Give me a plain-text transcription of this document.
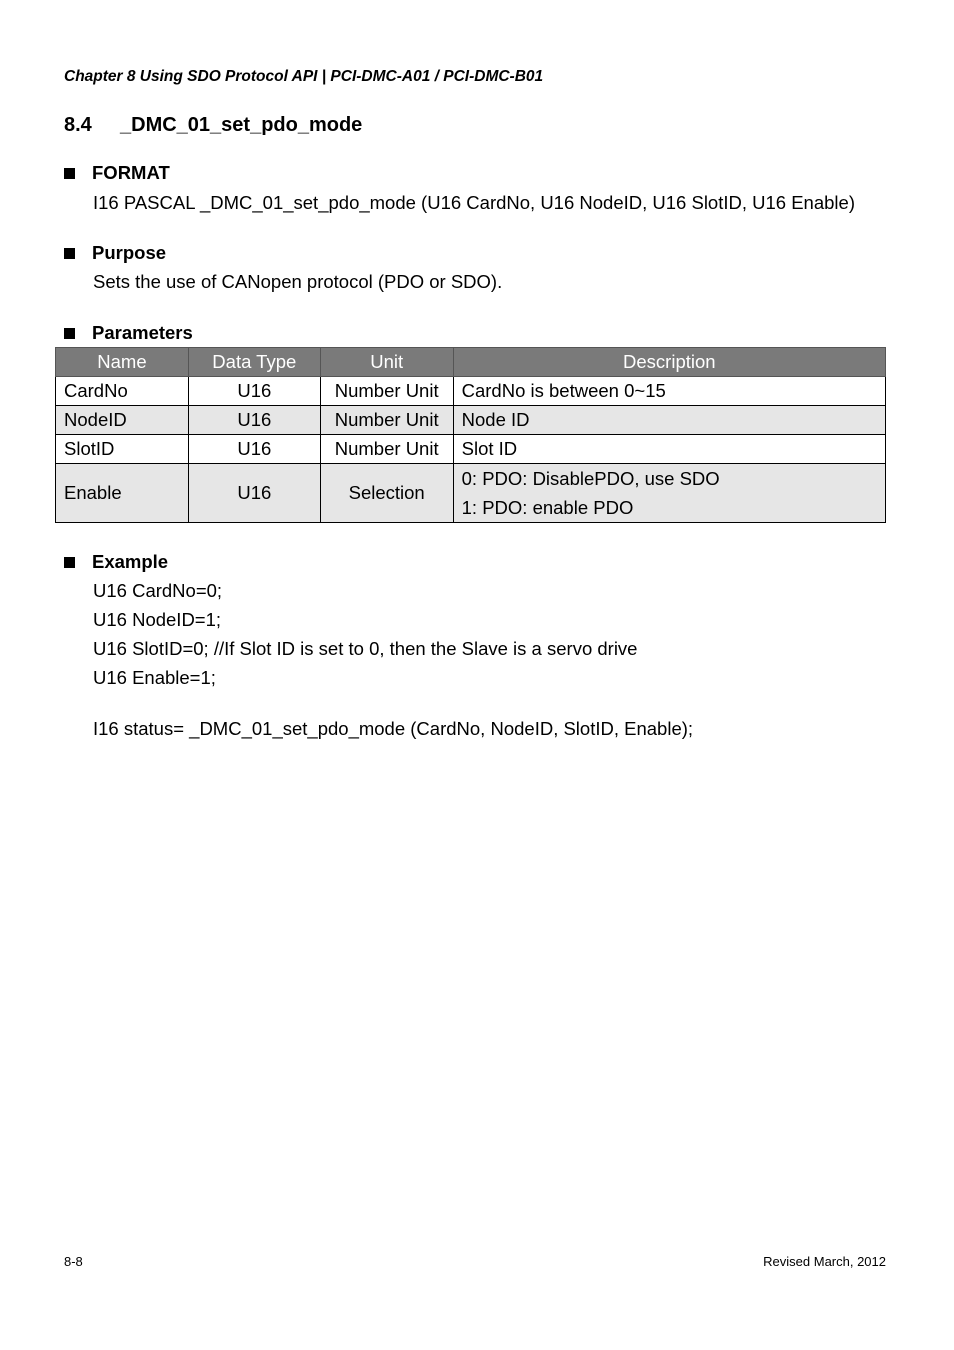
Chapter 8 Using SDO Protocol API | PCI-DMC-A01 / PCI-DMC-B01
8.4 _DMC_01_set_pdo_mode
FORMAT
I16 PASCAL _DMC_01_set_pdo_mode (U16 CardNo, U16 NodeID, U16 SlotID, U16 Enable)
Purpose
Sets the use of CANopen protocol (PDO or SDO).
Parameters
Name	Data Type	Unit	Description
CardNo	U16	Number Unit	CardNo is between 0~15
NodeID	U16	Number Unit	Node ID
SlotID	U16	Number Unit	Slot ID
Enable	U16	Selection	0: PDO: DisablePDO, use SDO
1: PDO: enable PDO
Example
U16 CardNo=0;
U16 NodeID=1;
U16 SlotID=0; //If Slot ID is set to 0, then the Slave is a servo drive
U16 Enable=1;
I16 status= _DMC_01_set_pdo_mode (CardNo, NodeID, SlotID, Enable);
8-8	Revised March, 2012
